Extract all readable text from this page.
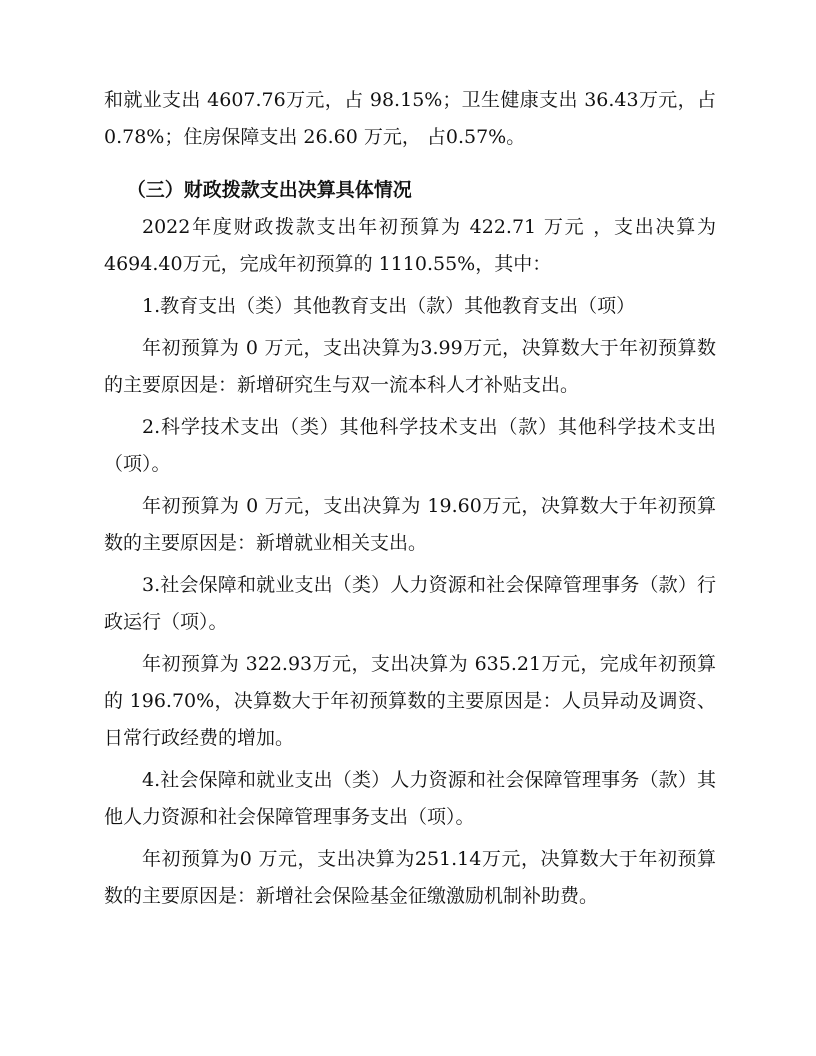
和就业支出 4607.76万元，占 98.15%；卫生健康支出 36.43万元，占0.78%；住房保障支出 26.60 万元， 占0.57%。

（三）财政拨款支出决算具体情况

2022年度财政拨款支出年初预算为 422.71 万元 ，支出决算为4694.40万元，完成年初预算的 1110.55%，其中：

1.教育支出（类）其他教育支出（款）其他教育支出（项）

年初预算为 0 万元，支出决算为3.99万元，决算数大于年初预算数的主要原因是：新增研究生与双一流本科人才补贴支出。

2.科学技术支出（类）其他科学技术支出（款）其他科学技术支出（项）。

年初预算为 0 万元，支出决算为 19.60万元，决算数大于年初预算数的主要原因是：新增就业相关支出。

3.社会保障和就业支出（类）人力资源和社会保障管理事务（款）行政运行（项）。

年初预算为 322.93万元，支出决算为 635.21万元，完成年初预算的 196.70%，决算数大于年初预算数的主要原因是：人员异动及调资、日常行政经费的增加。

4.社会保障和就业支出（类）人力资源和社会保障管理事务（款）其他人力资源和社会保障管理事务支出（项）。

年初预算为0 万元，支出决算为251.14万元，决算数大于年初预算数的主要原因是：新增社会保险基金征缴激励机制补助费。
